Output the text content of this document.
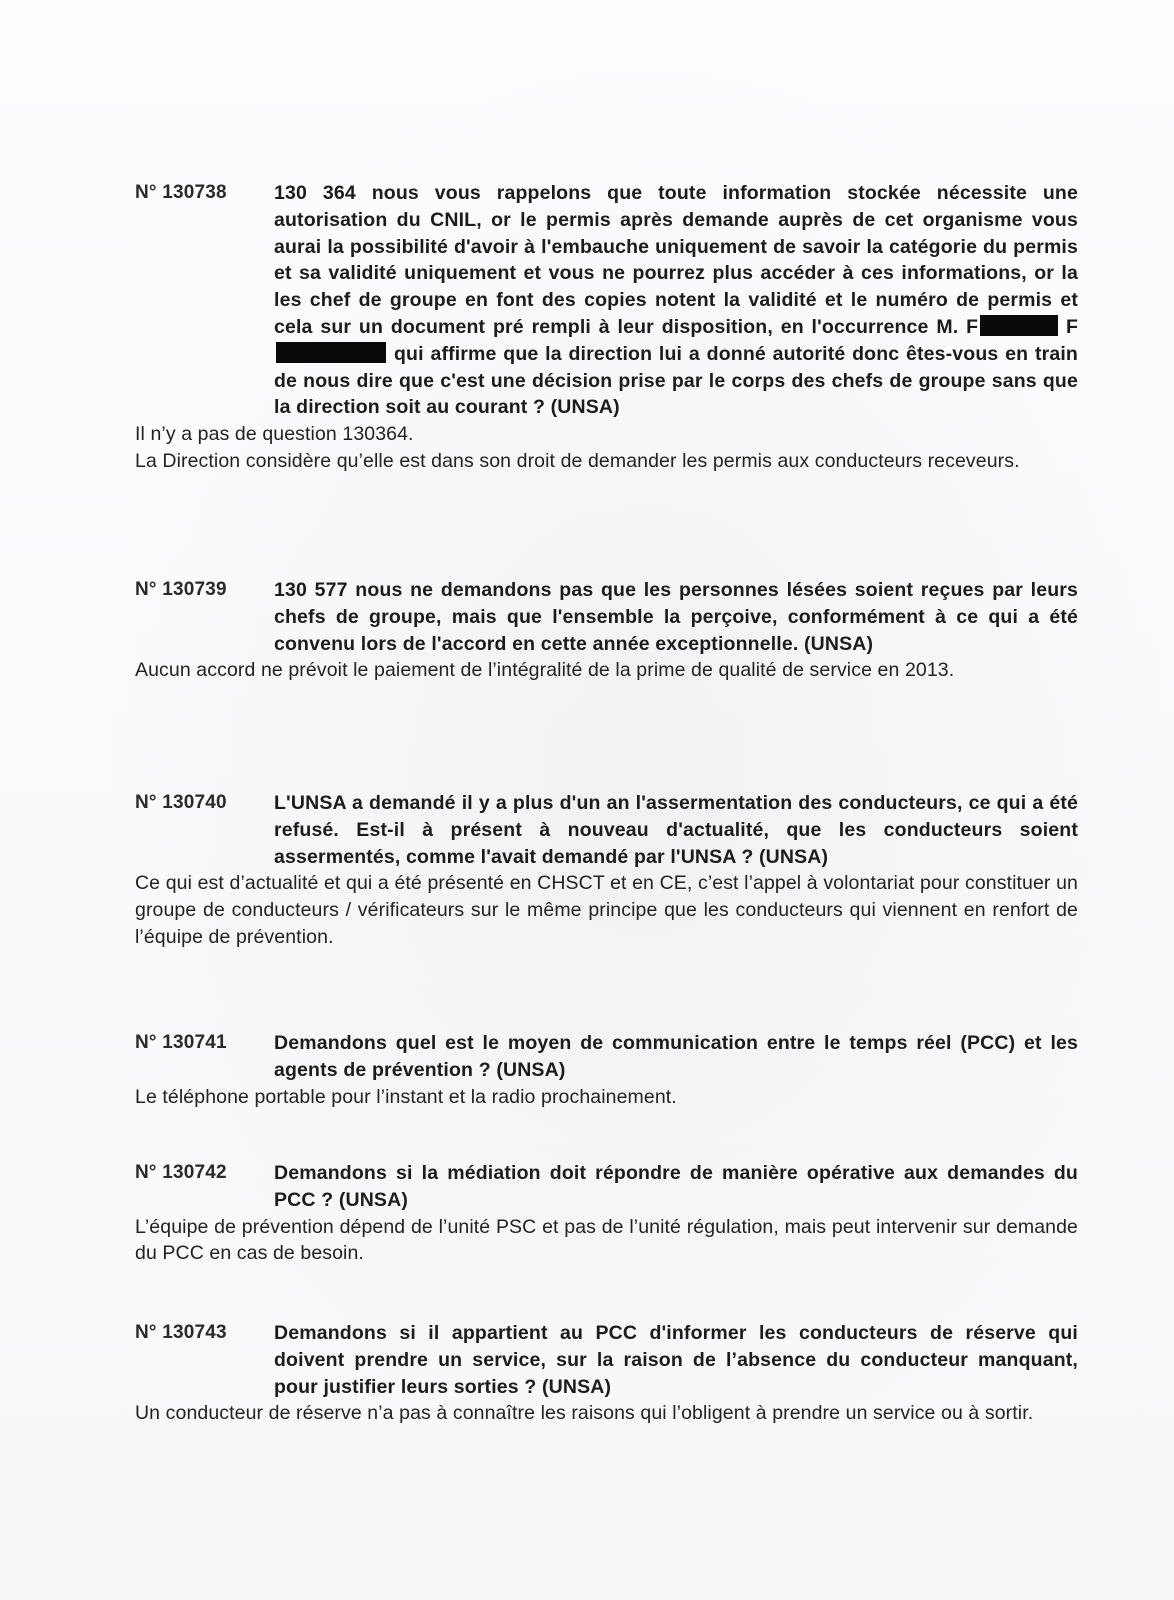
N° 130738	130 364 nous vous rappelons que toute information stockée nécessite une autorisation du CNIL, or le permis après demande auprès de cet organisme vous aurai la possibilité d'avoir à l'embauche uniquement de savoir la catégorie du permis et sa validité uniquement et vous ne pourrez plus accéder à ces informations, or la les chef de groupe en font des copies notent la validité et le numéro de permis et cela sur un document pré rempli à leur disposition, en l'occurrence M. F	Fqui affirme que la direction lui a donné autorité donc êtes-vous en train de nous dire que c'est une décision prise par le corps des chefs de groupe sans que la direction soit au courant ? (UNSA)
Il n’y a pas de question 130364.
La Direction considère qu’elle est dans son droit de demander les permis aux conducteurs receveurs.
N° 130739	130 577 nous ne demandons pas que les personnes lésées soient reçues par leurs chefs de groupe, mais que l'ensemble la perçoive, conformément à ce qui a été convenu lors de l'accord en cette année exceptionnelle. (UNSA)
Aucun accord ne prévoit le paiement de l’intégralité de la prime de qualité de service en 2013.
N° 130740	L'UNSA a demandé il y a plus d'un an l'assermentation des conducteurs, ce qui a été refusé. Est-il à présent à nouveau d'actualité, que les conducteurs soient assermentés, comme l'avait demandé par l'UNSA ? (UNSA)
Ce qui est d’actualité et qui a été présenté en CHSCT et en CE, c’est l’appel à volontariat pour constituer un groupe de conducteurs / vérificateurs sur le même principe que les conducteurs qui viennent en renfort de l’équipe de prévention.
N° 130741	Demandons quel est le moyen de communication entre le temps réel (PCC) et les agents de prévention ? (UNSA)
Le téléphone portable pour l’instant et la radio prochainement.
N° 130742	Demandons si la médiation doit répondre de manière opérative aux demandes du PCC ? (UNSA)
L’équipe de prévention dépend de l’unité PSC et pas de l’unité régulation, mais peut intervenir sur demande du PCC en cas de besoin.
N° 130743	Demandons si il appartient au PCC d'informer les conducteurs de réserve qui doivent prendre un service, sur la raison de l’absence du conducteur manquant, pour justifier leurs sorties ? (UNSA)
Un conducteur de réserve n’a pas à connaître les raisons qui l’obligent à prendre un service ou à sortir.
